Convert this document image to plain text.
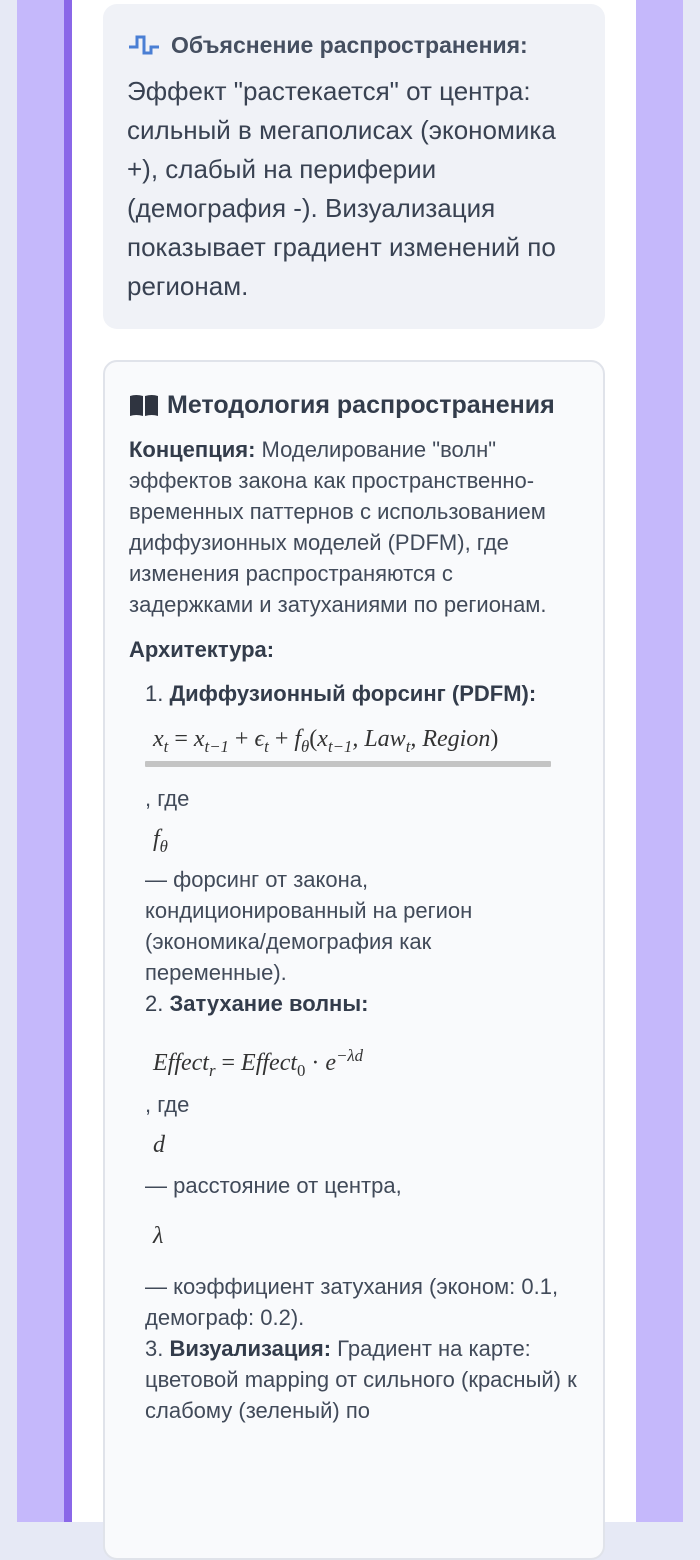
Объяснение распространения:
Эффект "растекается" от центра: сильный в мегаполисах (экономика +), слабый на периферии (демография -). Визуализация показывает градиент изменений по регионам.
Методология распространения
Концепция: Моделирование "волн" эффектов закона как пространственно-временных паттернов с использованием диффузионных моделей (PDFM), где изменения распространяются с задержками и затуханиями по регионам.
Архитектура:
1. Диффузионный форсинг (PDFM):
$x_t = x_{t-1} + \epsilon_t + f_\theta(x_{t-1}$, Law$_t$, Region)
, где
$f_\theta$
— форсинг от закона, кондиционированный на регион (экономика/демография как переменные).
2. Затухание волны:
Effect$_r$ = Effect$_0$ · $e^{-\lambda d}$
, где
d
— расстояние от центра,
λ
— коэффициент затухания (эконом: 0.1, демограф: 0.2).
3. Визуализация: Градиент на карте: цветовой mapping от сильного (красный) к слабому (зеленый) по
